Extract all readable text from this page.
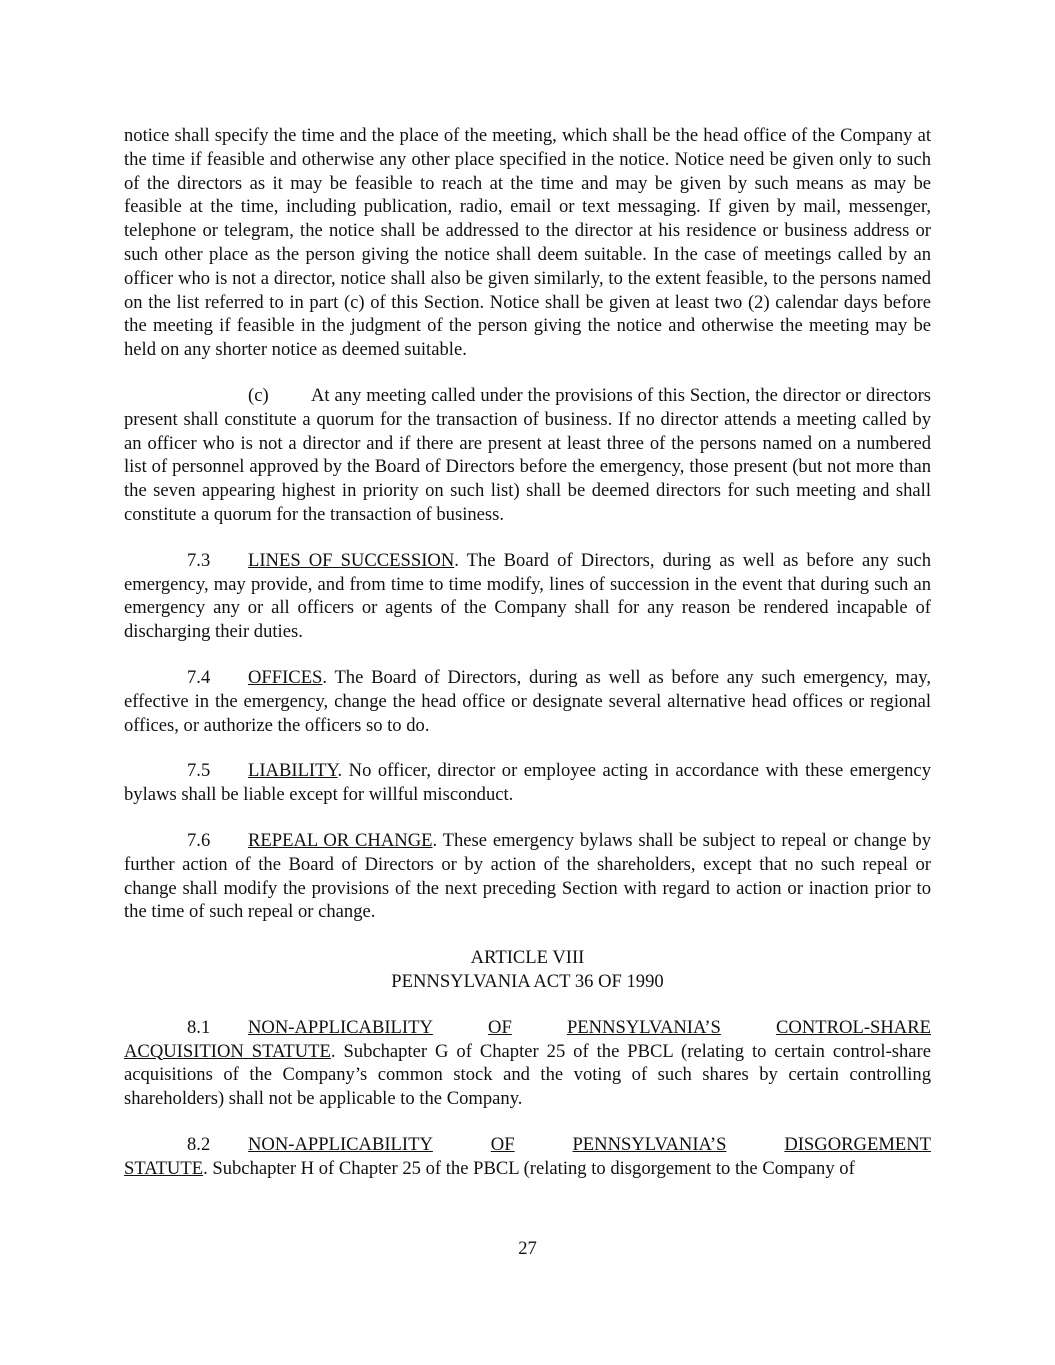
notice shall specify the time and the place of the meeting, which shall be the head office of the Company at the time if feasible and otherwise any other place specified in the notice. Notice need be given only to such of the directors as it may be feasible to reach at the time and may be given by such means as may be feasible at the time, including publication, radio, email or text messaging. If given by mail, messenger, telephone or telegram, the notice shall be addressed to the director at his residence or business address or such other place as the person giving the notice shall deem suitable. In the case of meetings called by an officer who is not a director, notice shall also be given similarly, to the extent feasible, to the persons named on the list referred to in part (c) of this Section. Notice shall be given at least two (2) calendar days before the meeting if feasible in the judgment of the person giving the notice and otherwise the meeting may be held on any shorter notice as deemed suitable.

(c) At any meeting called under the provisions of this Section, the director or directors present shall constitute a quorum for the transaction of business. If no director attends a meeting called by an officer who is not a director and if there are present at least three of the persons named on a numbered list of personnel approved by the Board of Directors before the emergency, those present (but not more than the seven appearing highest in priority on such list) shall be deemed directors for such meeting and shall constitute a quorum for the transaction of business.

7.3 LINES OF SUCCESSION. The Board of Directors, during as well as before any such emergency, may provide, and from time to time modify, lines of succession in the event that during such an emergency any or all officers or agents of the Company shall for any reason be rendered incapable of discharging their duties.

7.4 OFFICES. The Board of Directors, during as well as before any such emergency, may, effective in the emergency, change the head office or designate several alternative head offices or regional offices, or authorize the officers so to do.

7.5 LIABILITY. No officer, director or employee acting in accordance with these emergency bylaws shall be liable except for willful misconduct.

7.6 REPEAL OR CHANGE. These emergency bylaws shall be subject to repeal or change by further action of the Board of Directors or by action of the shareholders, except that no such repeal or change shall modify the provisions of the next preceding Section with regard to action or inaction prior to the time of such repeal or change.

ARTICLE VIII
PENNSYLVANIA ACT 36 OF 1990
8.1	NON-APPLICABILITY	OF	PENNSYLVANIA’S	CONTROL-SHARE
ACQUISITION STATUTE. Subchapter G of Chapter 25 of the PBCL (relating to certain control-share acquisitions of the Company’s common stock and the voting of such shares by certain controlling shareholders) shall not be applicable to the Company.
8.2	NON-APPLICABILITY	OF	PENNSYLVANIA’S	DISGORGEMENT
STATUTE. Subchapter H of Chapter 25 of the PBCL (relating to disgorgement to the Company of
27
